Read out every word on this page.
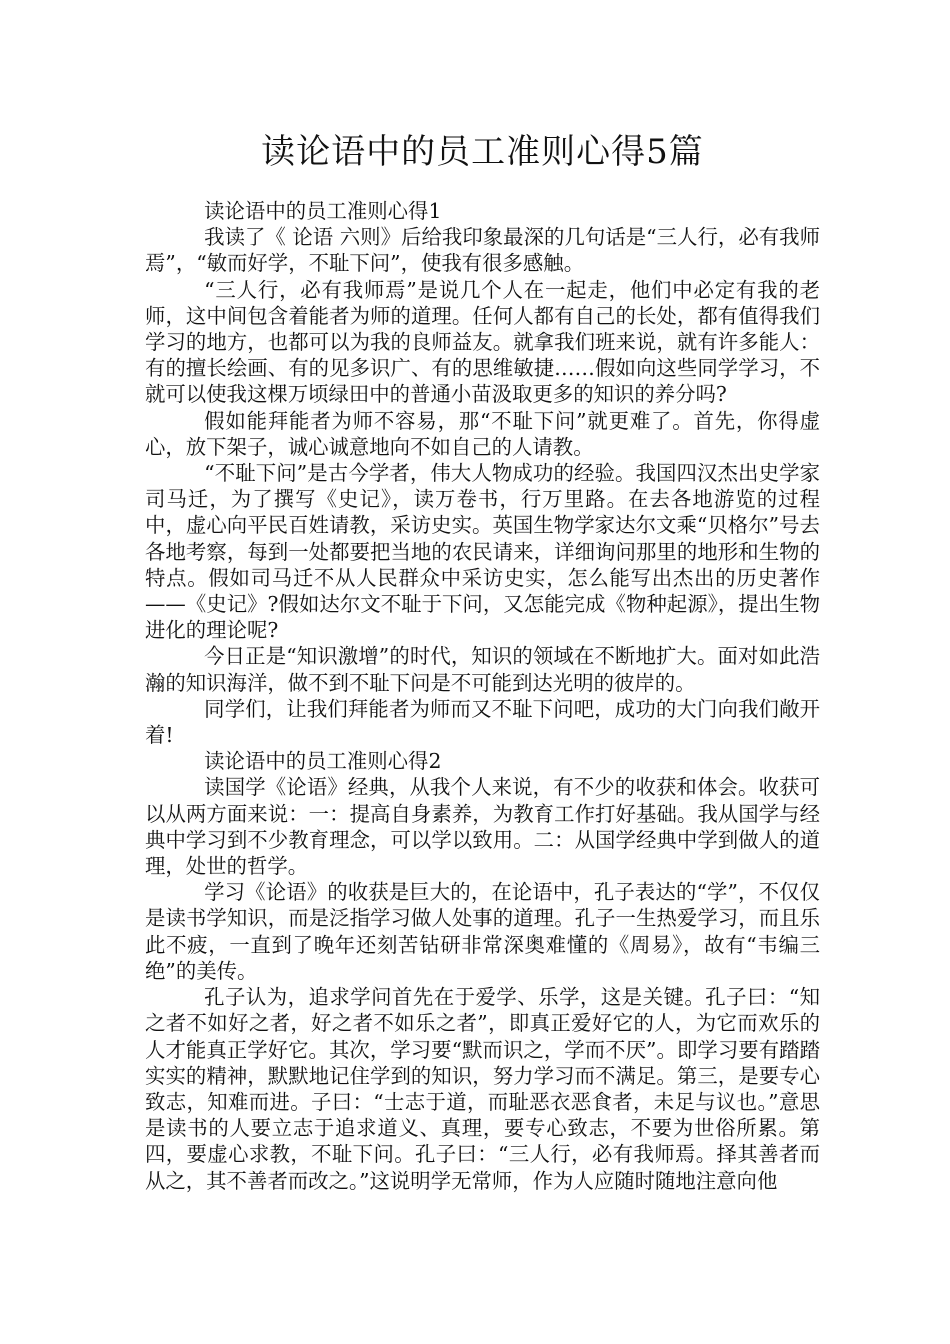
读论语中的员工准则心得5篇

读论语中的员工准则心得1

我读了《 论语 六则》后给我印象最深的几句话是“三人行，必有我师焉”，“敏而好学，不耻下问”，使我有很多感触。

“三人行，必有我师焉”是说几个人在一起走，他们中必定有我的老师，这中间包含着能者为师的道理。任何人都有自己的长处，都有值得我们学习的地方，也都可以为我的良师益友。就拿我们班来说，就有许多能人：有的擅长绘画、有的见多识广、有的思维敏捷……假如向这些同学学习，不就可以使我这棵万顷绿田中的普通小苗汲取更多的知识的养分吗?

假如能拜能者为师不容易，那“不耻下问”就更难了。首先，你得虚心，放下架子，诚心诚意地向不如自己的人请教。

“不耻下问”是古今学者，伟大人物成功的经验。我国四汉杰出史学家司马迁，为了撰写《史记》，读万卷书，行万里路。在去各地游览的过程中，虚心向平民百姓请教，采访史实。英国生物学家达尔文乘“贝格尔”号去各地考察，每到一处都要把当地的农民请来，详细询问那里的地形和生物的特点。假如司马迁不从人民群众中采访史实，怎么能写出杰出的历史著作——《史记》?假如达尔文不耻于下问，又怎能完成《物种起源》，提出生物进化的理论呢?

今日正是“知识激增”的时代，知识的领域在不断地扩大。面对如此浩瀚的知识海洋，做不到不耻下问是不可能到达光明的彼岸的。

同学们，让我们拜能者为师而又不耻下问吧，成功的大门向我们敞开着!

读论语中的员工准则心得2

读国学《论语》经典，从我个人来说，有不少的收获和体会。收获可以从两方面来说：一：提高自身素养，为教育工作打好基础。我从国学与经典中学习到不少教育理念，可以学以致用。二：从国学经典中学到做人的道理，处世的哲学。

学习《论语》的收获是巨大的，在论语中，孔子表达的“学”，不仅仅是读书学知识，而是泛指学习做人处事的道理。孔子一生热爱学习，而且乐此不疲，一直到了晚年还刻苦钻研非常深奥难懂的《周易》，故有“韦编三绝”的美传。

孔子认为，追求学问首先在于爱学、乐学，这是关键。孔子曰：“知之者不如好之者，好之者不如乐之者”，即真正爱好它的人，为它而欢乐的人才能真正学好它。其次，学习要“默而识之，学而不厌”。即学习要有踏踏实实的精神，默默地记住学到的知识，努力学习而不满足。第三，是要专心致志，知难而进。子曰：“士志于道，而耻恶衣恶食者，未足与议也。”意思是读书的人要立志于追求道义、真理，要专心致志，不要为世俗所累。第四，要虚心求教，不耻下问。孔子曰：“三人行，必有我师焉。择其善者而从之，其不善者而改之。”这说明学无常师，作为人应随时随地注意向他
